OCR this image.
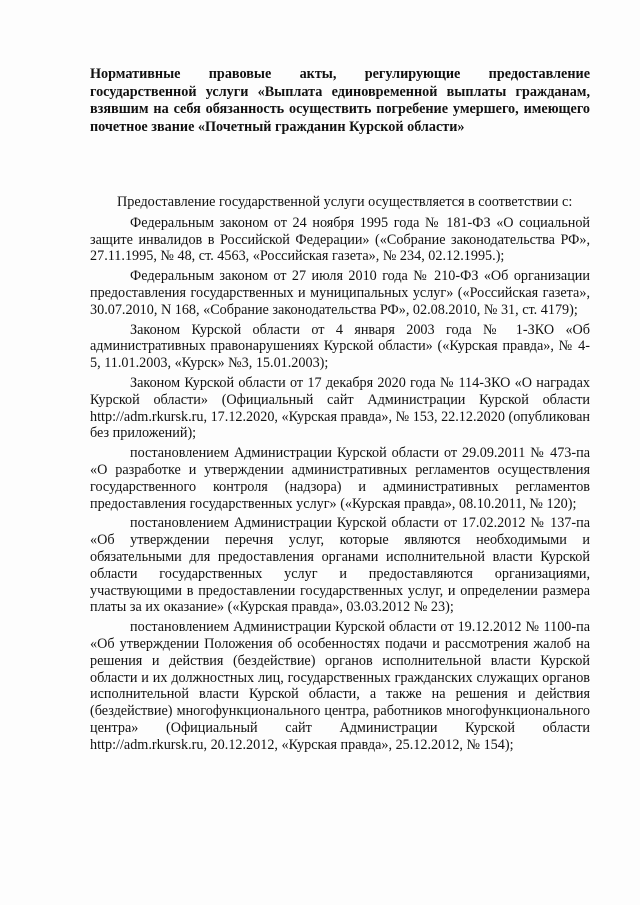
Нормативные правовые акты, регулирующие предоставление государственной услуги «Выплата единовременной выплаты гражданам, взявшим на себя обязанность осуществить погребение умершего, имеющего почетное звание «Почетный гражданин Курской области»

Предоставление государственной услуги осуществляется в соответствии с:

Федеральным законом от 24 ноября 1995 года № 181-ФЗ «О социальной защите инвалидов в Российской Федерации» («Собрание законодательства РФ», 27.11.1995, № 48, ст. 4563, «Российская газета», № 234, 02.12.1995.);

Федеральным законом от 27 июля 2010 года № 210-ФЗ «Об организации предоставления государственных и муниципальных услуг» («Российская газета», 30.07.2010, N 168, «Собрание законодательства РФ», 02.08.2010, № 31, ст. 4179);

Законом Курской области от 4 января 2003 года № 1-ЗКО «Об административных правонарушениях Курской области» («Курская правда», № 4-5, 11.01.2003, «Курск» №3, 15.01.2003);

Законом Курской области от 17 декабря 2020 года № 114-ЗКО «О наградах Курской области» (Официальный сайт Администрации Курской области http://adm.rkursk.ru, 17.12.2020, «Курская правда», № 153, 22.12.2020 (опубликован без приложений);

постановлением Администрации Курской области от 29.09.2011 № 473-па «О разработке и утверждении административных регламентов осуществления государственного контроля (надзора) и административных регламентов предоставления государственных услуг» («Курская правда», 08.10.2011, № 120);

постановлением Администрации Курской области от 17.02.2012 № 137-па «Об утверждении перечня услуг, которые являются необходимыми и обязательными для предоставления органами исполнительной власти Курской области государственных услуг и предоставляются организациями, участвующими в предоставлении государственных услуг, и определении размера платы за их оказание» («Курская правда», 03.03.2012 № 23);

постановлением Администрации Курской области от 19.12.2012 № 1100-па «Об утверждении Положения об особенностях подачи и рассмотрения жалоб на решения и действия (бездействие) органов исполнительной власти Курской области и их должностных лиц, государственных гражданских служащих органов исполнительной власти Курской области, а также на решения и действия (бездействие) многофункционального центра, работников многофункционального центра» (Официальный сайт Администрации Курской области http://adm.rkursk.ru, 20.12.2012, «Курская правда», 25.12.2012, № 154);
